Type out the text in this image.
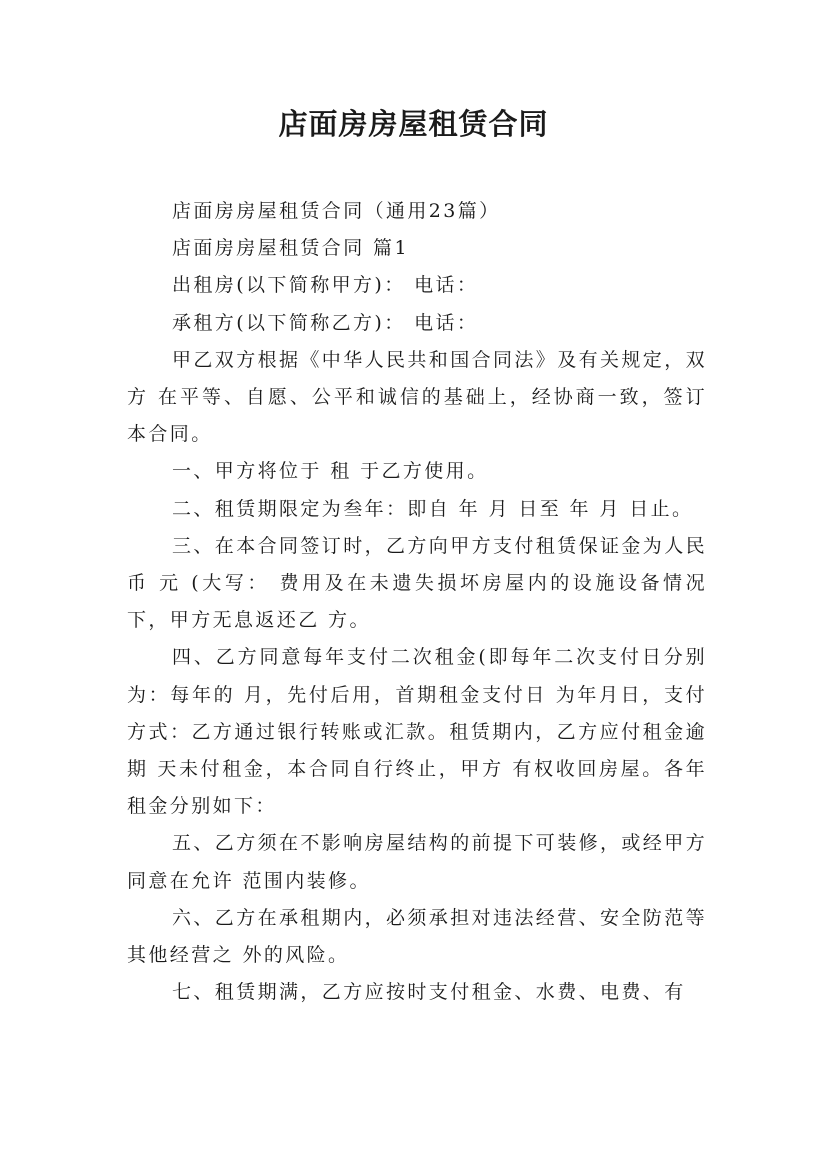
店面房房屋租赁合同

店面房房屋租赁合同（通用23篇）

店面房房屋租赁合同 篇1

出租房(以下简称甲方)： 电话：

承租方(以下简称乙方)： 电话：

甲乙双方根据《中华人民共和国合同法》及有关规定，双方 在平等、自愿、公平和诚信的基础上，经协商一致，签订本合同。

一、甲方将位于 租 于乙方使用。

二、租赁期限定为叁年：即自 年 月 日至 年 月 日止。

三、在本合同签订时，乙方向甲方支付租赁保证金为人民币 元 (大写： 费用及在未遗失损坏房屋内的设施设备情况下，甲方无息返还乙 方。

四、乙方同意每年支付二次租金(即每年二次支付日分别为：每年的 月，先付后用，首期租金支付日 为年月日，支付方式：乙方通过银行转账或汇款。租赁期内，乙方应付租金逾期 天未付租金，本合同自行终止，甲方 有权收回房屋。各年租金分别如下：

五、乙方须在不影响房屋结构的前提下可装修，或经甲方同意在允许 范围内装修。

六、乙方在承租期内，必须承担对违法经营、安全防范等其他经营之 外的风险。

七、租赁期满，乙方应按时支付租金、水费、电费、有
